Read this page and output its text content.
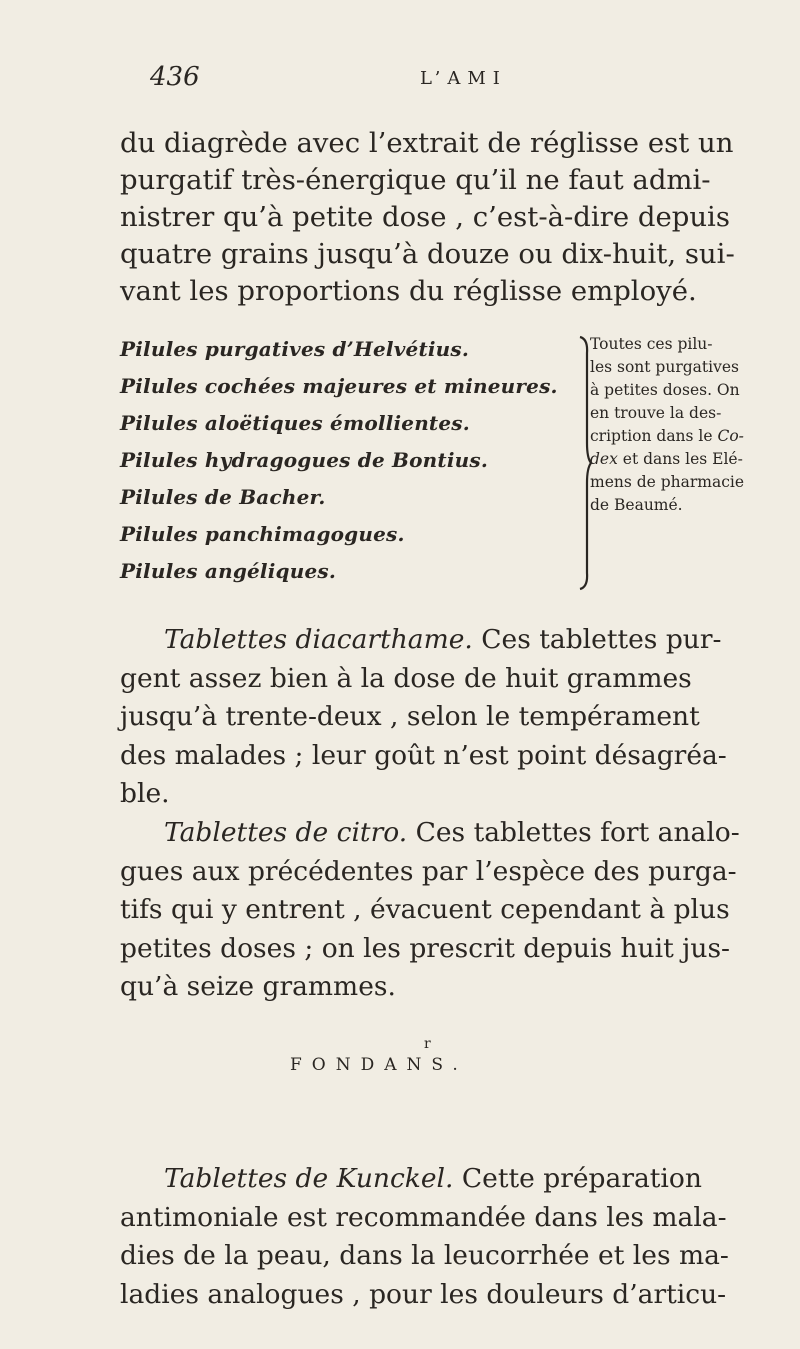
436	L’AMI
du diagrède avec l’extrait de réglisse est un
purgatif très-énergique qu’il ne faut admi-
nistrer qu’à petite dose , c’est-à-dire depuis
quatre grains jusqu’à douze ou dix-huit, sui-
vant les proportions du réglisse employé.
Pilules purgatives d’Helvétius.
Pilules cochées majeures et mineures.
Pilules aloëtiques émollientes.
Pilules hydragogues de Bontius.
Pilules de Bacher.
Pilules panchimagogues.
Pilules angéliques.
Toutes ces pilu-
les sont purgatives
à petites doses. On
en trouve la des-
cription dans le Co-
dex et dans les Elé-
mens de pharmacie
de Beaumé.
Tablettes diacarthame. Ces tablettes pur-
gent assez bien à la dose de huit grammes
jusqu’à trente-deux , selon le tempérament
des malades ; leur goût n’est point désagréa-
ble.
Tablettes de citro. Ces tablettes fort analo-
gues aux précédentes par l’espèce des purga-
tifs qui y entrent , évacuent cependant à plus
petites doses ; on les prescrit depuis huit jus-
qu’à seize grammes.
r
FONDANS.
Tablettes de Kunckel. Cette préparation
antimoniale est recommandée dans les mala-
dies de la peau, dans la leucorrhée et les ma-
ladies analogues , pour les douleurs d’articu-
